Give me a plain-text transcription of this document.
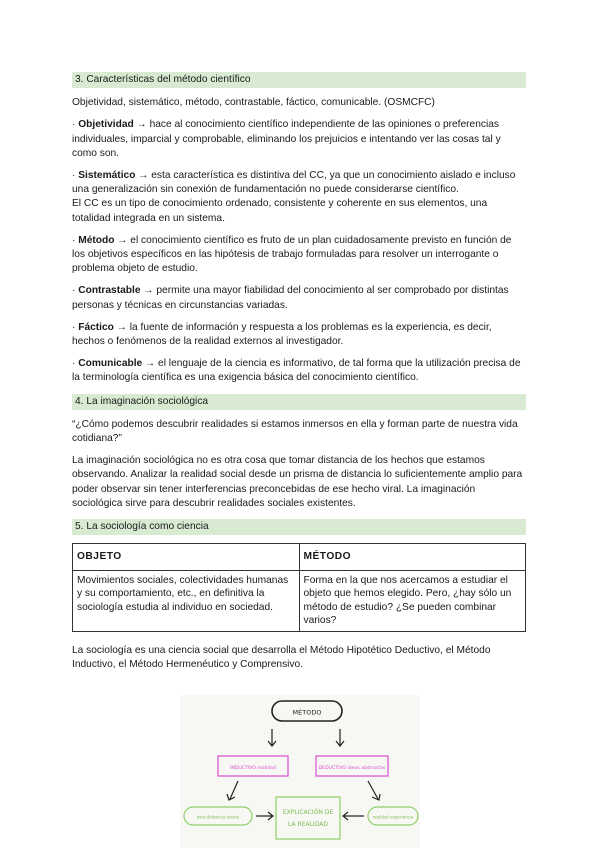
3. Características del método científico

Objetividad, sistemático, método, contrastable, fáctico, comunicable. (OSMCFC)

· Objetividad → hace al conocimiento científico independiente de las opiniones o preferencias individuales, imparcial y comprobable, eliminando los prejuicios e intentando ver las cosas tal y como son.

· Sistemático → esta característica es distintiva del CC, ya que un conocimiento aislado e incluso una generalización sin conexión de fundamentación no puede considerarse científico.
El CC es un tipo de conocimiento ordenado, consistente y coherente en sus elementos, una totalidad integrada en un sistema.

· Método → el conocimiento científico es fruto de un plan cuidadosamente previsto en función de los objetivos específicos en las hipótesis de trabajo formuladas para resolver un interrogante o problema objeto de estudio.

· Contrastable → permite una mayor fiabilidad del conocimiento al ser comprobado por distintas personas y técnicas en circunstancias variadas.

· Fáctico → la fuente de información y respuesta a los problemas es la experiencia, es decir, hechos o fenómenos de la realidad externos al investigador.

· Comunicable → el lenguaje de la ciencia es informativo, de tal forma que la utilización precisa de la terminología científica es una exigencia básica del conocimiento científico.

4. La imaginación sociológica

“¿Cómo podemos descubrir realidades si estamos inmersos en ella y forman parte de nuestra vida cotidiana?”

La imaginación sociológica no es otra cosa que tomar distancia de los hechos que estamos observando. Analizar la realidad social desde un prisma de distancia lo suficientemente amplio para poder observar sin tener interferencias preconcebidas de ese hecho viral. La imaginación sociológica sirve para descubrir realidades sociales existentes.

5. La sociología como ciencia
OBJETO	MÉTODO
Movimientos sociales, colectividades humanas y su comportamiento, etc., en definitiva la sociología estudia al individuo en sociedad.	Forma en la que nos acercamos a estudiar el objeto que hemos elegido. Pero, ¿hay sólo un método de estudio? ¿Se pueden combinar varios?

La sociología es una ciencia social que desarrolla el Método Hipotético Deductivo, el Método Inductivo, el Método Hermenéutico y Comprensivo.

MÉTODO
INDUCTIVO realidad	DEDUCTIVO ideas abstractas
otra distancia teoría
EXPLICACIÓN DE
LA REALIDAD
realidad experiencia
